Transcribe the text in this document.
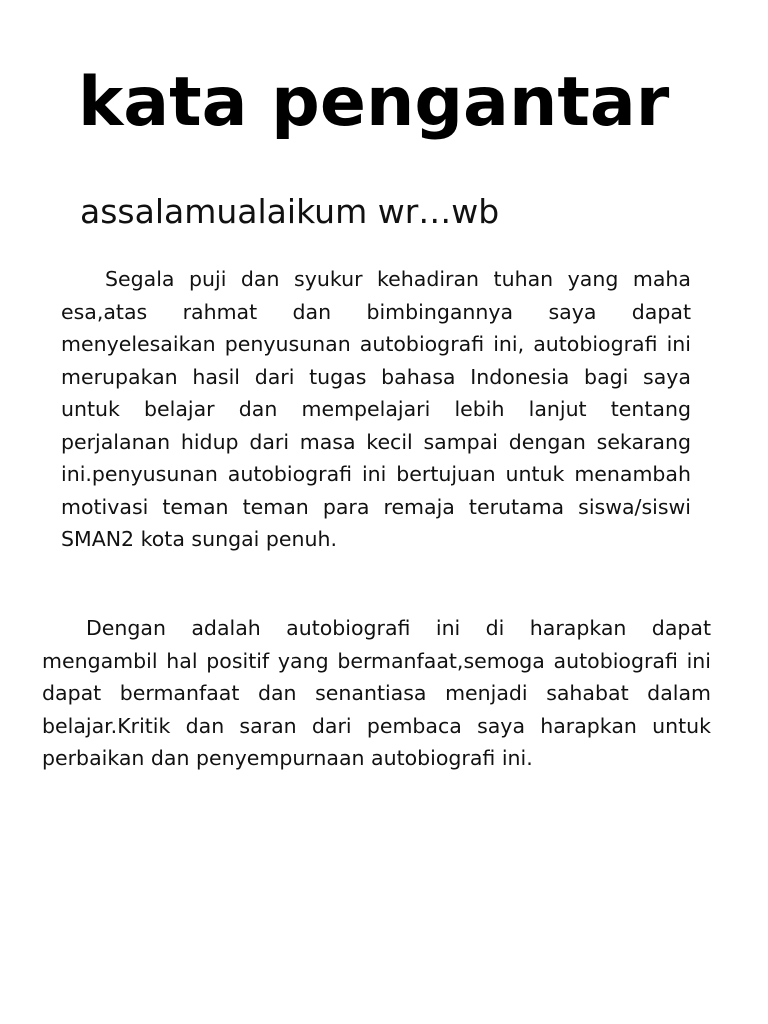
kata pengantar

assalamualaikum wr…wb

Segala puji dan syukur kehadiran tuhan yang maha esa,atas rahmat dan bimbingannya saya dapat menyelesaikan penyusunan autobiografi ini, autobiografi ini merupakan hasil dari tugas bahasa Indonesia bagi saya untuk belajar dan mempelajari lebih lanjut tentang perjalanan hidup dari masa kecil sampai dengan sekarang ini.penyusunan autobiografi ini bertujuan untuk menambah motivasi teman teman para remaja terutama siswa/siswi SMAN2 kota sungai penuh.

Dengan adalah autobiografi ini di harapkan dapat mengambil hal positif yang bermanfaat,semoga autobiografi ini dapat bermanfaat dan senantiasa menjadi sahabat dalam belajar.Kritik dan saran dari pembaca saya harapkan untuk perbaikan dan penyempurnaan autobiografi ini.
